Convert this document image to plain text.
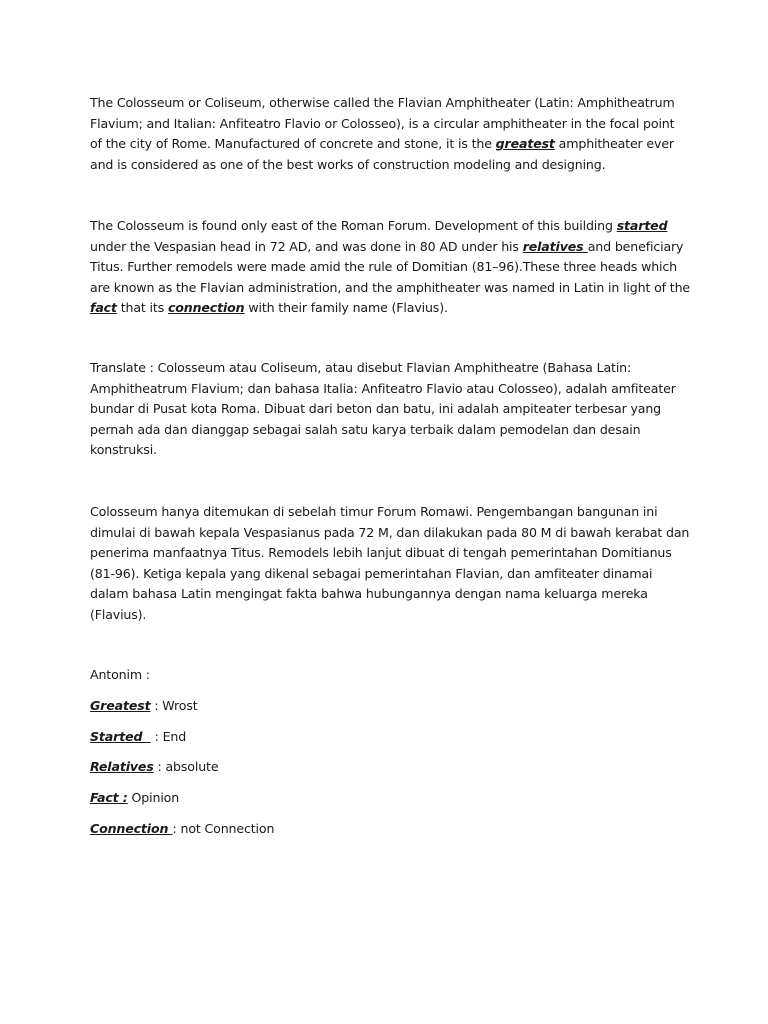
The Colosseum or Coliseum, otherwise called the Flavian Amphitheater (Latin: Amphitheatrum Flavium; and Italian: Anfiteatro Flavio or Colosseo), is a circular amphitheater in the focal point of the city of Rome. Manufactured of concrete and stone, it is the greatest amphitheater ever and is considered as one of the best works of construction modeling and designing.

The Colosseum is found only east of the Roman Forum. Development of this building started under the Vespasian head in 72 AD, and was done in 80 AD under his relatives and beneficiary Titus. Further remodels were made amid the rule of Domitian (81–96).These three heads which are known as the Flavian administration, and the amphitheater was named in Latin in light of the fact that its connection with their family name (Flavius).

Translate : Colosseum atau Coliseum, atau disebut Flavian Amphitheatre (Bahasa Latin: Amphitheatrum Flavium; dan bahasa Italia: Anfiteatro Flavio atau Colosseo), adalah amfiteater bundar di Pusat kota Roma. Dibuat dari beton dan batu, ini adalah ampiteater terbesar yang pernah ada dan dianggap sebagai salah satu karya terbaik dalam pemodelan dan desain konstruksi.

Colosseum hanya ditemukan di sebelah timur Forum Romawi. Pengembangan bangunan ini dimulai di bawah kepala Vespasianus pada 72 M, dan dilakukan pada 80 M di bawah kerabat dan penerima manfaatnya Titus. Remodels lebih lanjut dibuat di tengah pemerintahan Domitianus (81-96). Ketiga kepala yang dikenal sebagai pemerintahan Flavian, dan amfiteater dinamai dalam bahasa Latin mengingat fakta bahwa hubungannya dengan nama keluarga mereka (Flavius).

Antonim :

Greatest : Wrost

Started   : End

Relatives : absolute

Fact : Opinion

Connection : not Connection
